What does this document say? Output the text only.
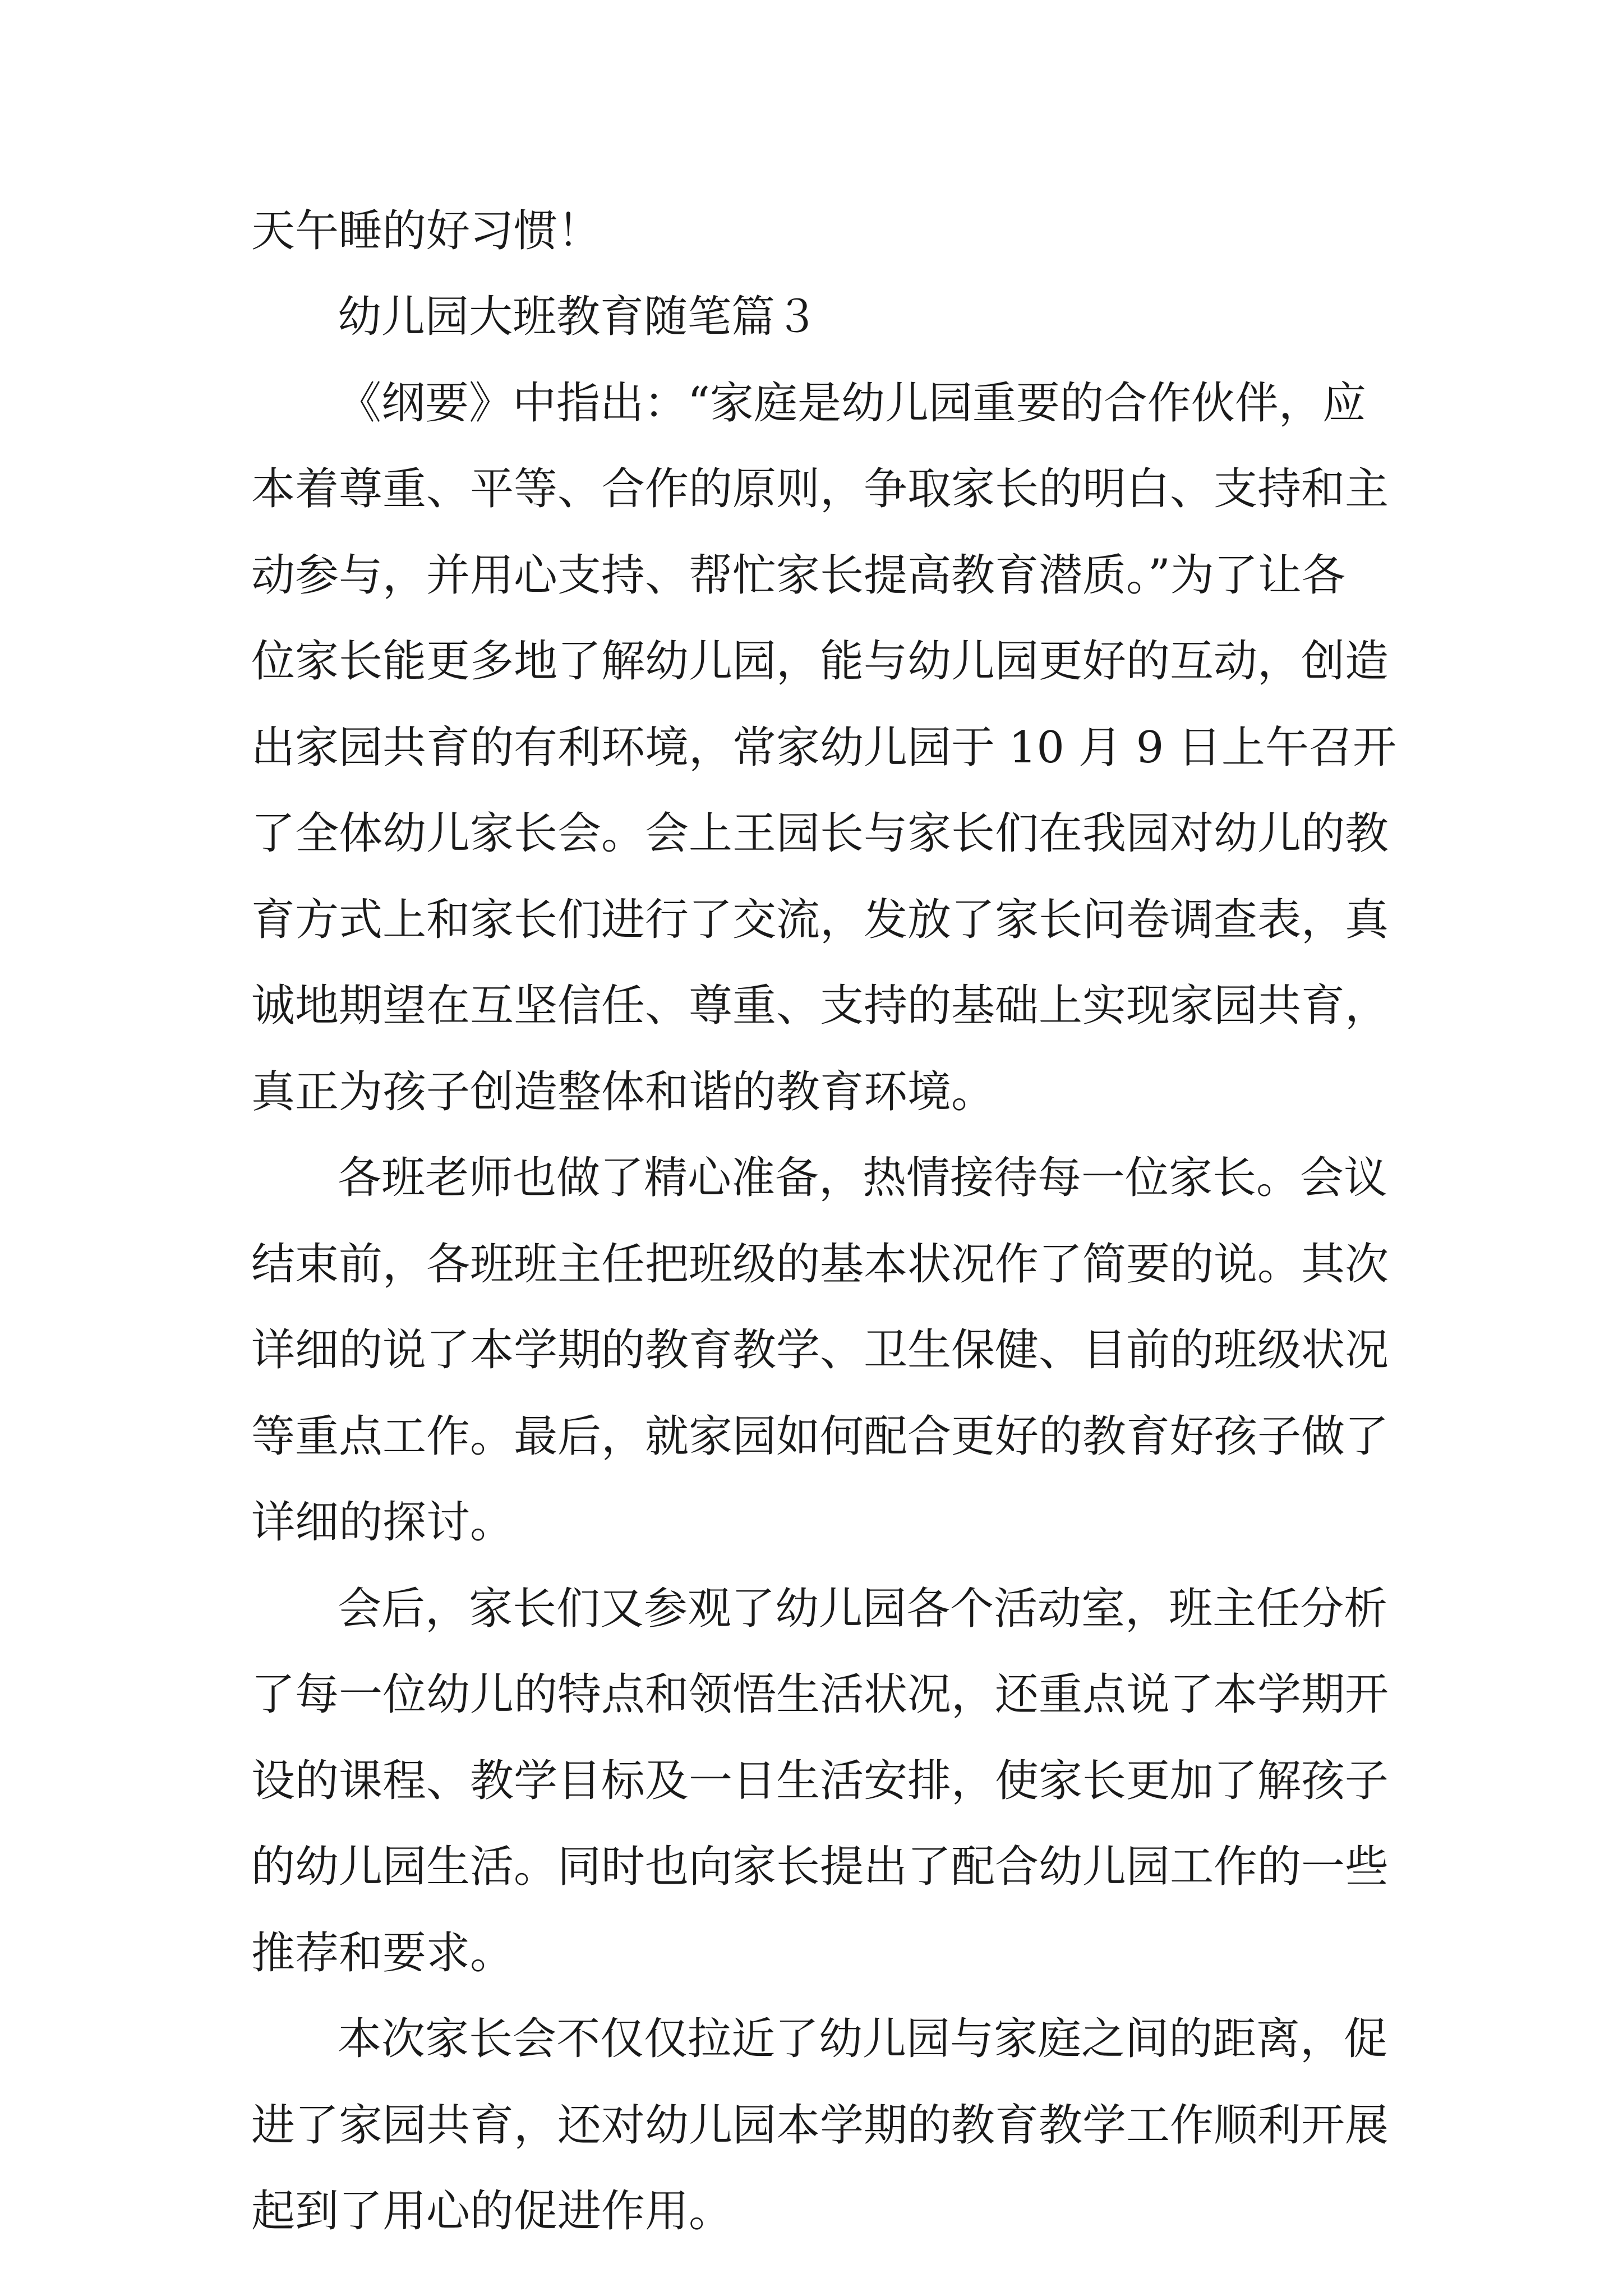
天午睡的好习惯！
幼儿园大班教育随笔篇３
《纲要》中指出：“家庭是幼儿园重要的合作伙伴，应
本着尊重、平等、合作的原则，争取家长的明白、支持和主
动参与，并用心支持、帮忙家长提高教育潜质。”为了让各
位家长能更多地了解幼儿园，能与幼儿园更好的互动，创造
出家园共育的有利环境，常家幼儿园于 10 月 9 日上午召开
了全体幼儿家长会。会上王园长与家长们在我园对幼儿的教
育方式上和家长们进行了交流，发放了家长问卷调查表，真
诚地期望在互坚信任、尊重、支持的基础上实现家园共育，
真正为孩子创造整体和谐的教育环境。
各班老师也做了精心准备，热情接待每一位家长。会议
结束前，各班班主任把班级的基本状况作了简要的说。其次
详细的说了本学期的教育教学、卫生保健、目前的班级状况
等重点工作。最后，就家园如何配合更好的教育好孩子做了
详细的探讨。
会后，家长们又参观了幼儿园各个活动室，班主任分析
了每一位幼儿的特点和领悟生活状况，还重点说了本学期开
设的课程、教学目标及一日生活安排，使家长更加了解孩子
的幼儿园生活。同时也向家长提出了配合幼儿园工作的一些
推荐和要求。
本次家长会不仅仅拉近了幼儿园与家庭之间的距离，促
进了家园共育，还对幼儿园本学期的教育教学工作顺利开展
起到了用心的促进作用。
